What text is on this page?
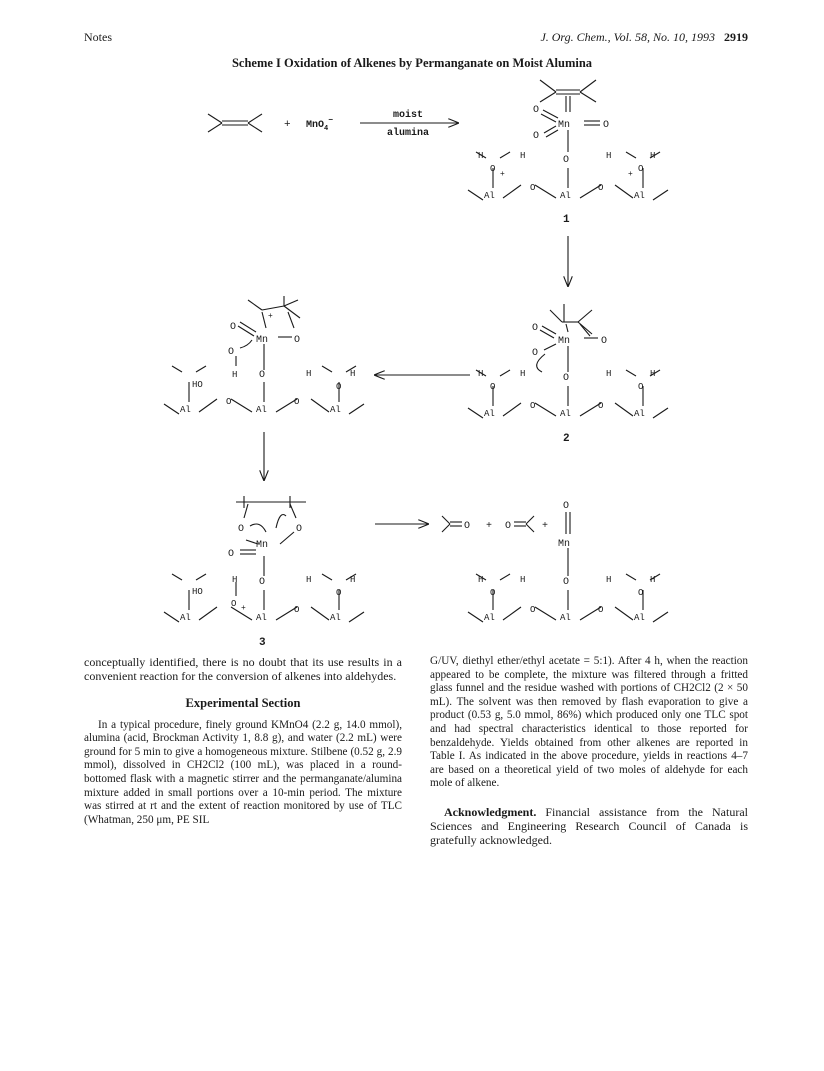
Notes	J. Org. Chem., Vol. 58, No. 10, 1993 2919
Scheme I Oxidation of Alkenes by Permanganate on Moist Alumina
+ MnO$_4$−	moist
alumina
O
O
Mn	O
O
H	H
O
+
H	H
O
+
Al	Al	Al
O	O
1
O
O
Mn	O
O
H	H
O
H	H
O
Al	Al	Al
O	O
2
+
O
O
Mn	O
H O
HO
H	H
O
Al	Al	Al
O	O
O	O
Mn
O
H O
O +
HO
H	H
O
Al	Al	Al
O
3
O + O	+
O
Mn
O
H	H
O
H	H
O
Al	Al	Al
O	O

conceptually identified, there is no doubt that its use results in a convenient reaction for the conversion of alkenes into aldehydes.

Experimental Section

In a typical procedure, finely ground KMnO4 (2.2 g, 14.0 mmol), alumina (acid, Brockman Activity 1, 8.8 g), and water (2.2 mL) were ground for 5 min to give a homogeneous mixture. Stilbene (0.52 g, 2.9 mmol), dissolved in CH2Cl2 (100 mL), was placed in a round-bottomed flask with a magnetic stirrer and the permanganate/alumina mixture added in small portions over a 10-min period. The mixture was stirred at rt and the extent of reaction monitored by use of TLC (Whatman, 250 μm, PE SIL

G/UV, diethyl ether/ethyl acetate = 5:1). After 4 h, when the reaction appeared to be complete, the mixture was filtered through a fritted glass funnel and the residue washed with portions of CH2Cl2 (2 × 50 mL). The solvent was then removed by flash evaporation to give a product (0.53 g, 5.0 mmol, 86%) which produced only one TLC spot and had spectral characteristics identical to those reported for benzaldehyde. Yields obtained from other alkenes are reported in Table I. As indicated in the above procedure, yields in reactions 4–7 are based on a theoretical yield of two moles of aldehyde for each mole of alkene.

Acknowledgment. Financial assistance from the Natural Sciences and Engineering Research Council of Canada is gratefully acknowledged.
